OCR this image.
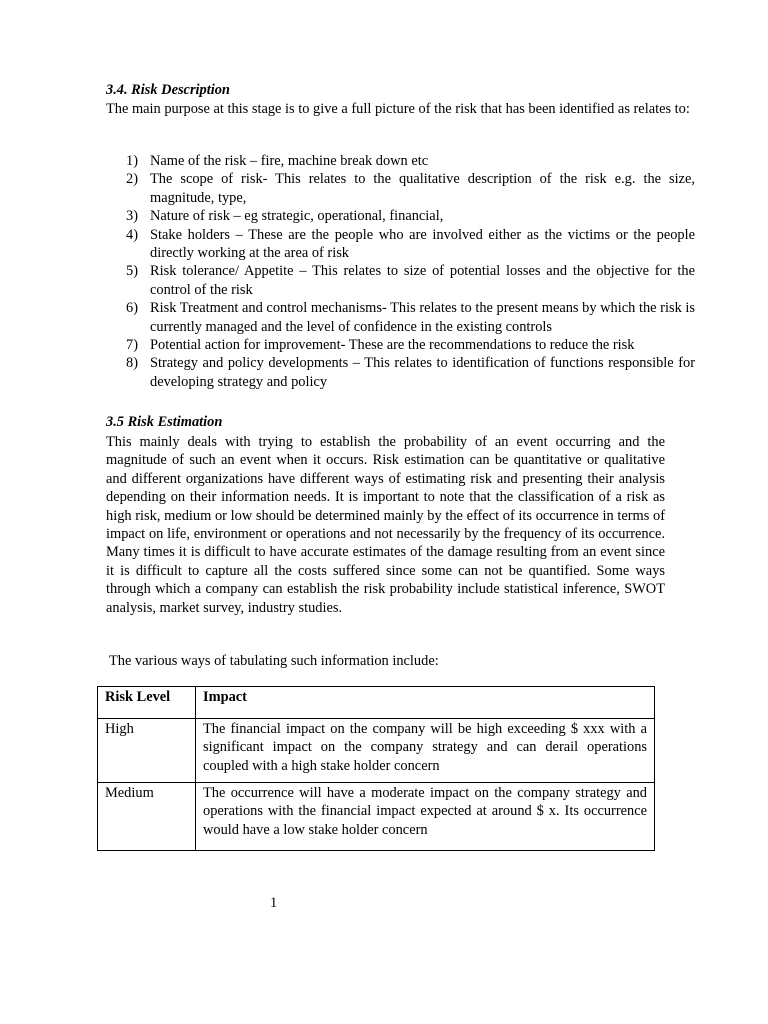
3.4. Risk Description

The main purpose at this stage is to give a full picture of the risk that has been identified as relates to:

1) Name of the risk – fire, machine break down etc
2) The scope of risk- This relates to the qualitative description of the risk e.g. the size, magnitude, type,
3) Nature of risk – eg strategic, operational, financial,
4) Stake holders – These are the people who are involved either as the victims or the people directly working at the area of risk
5) Risk tolerance/ Appetite – This relates to size of potential losses and the objective for the control of the risk
6) Risk Treatment and control mechanisms- This relates to the present means by which the risk is currently managed and the level of confidence in the existing controls
7) Potential action for improvement- These are the recommendations to reduce the risk
8) Strategy and policy developments – This relates to identification of functions responsible for developing strategy and policy
3.5 Risk Estimation

This mainly deals with trying to establish the probability of an event occurring and the magnitude of such an event when it occurs. Risk estimation can be quantitative or qualitative and different organizations have different ways of estimating risk and presenting their analysis depending on their information needs. It is important to note that the classification of a risk as high risk, medium or low should be determined mainly by the effect of its occurrence in terms of impact on life, environment or operations and not necessarily by the frequency of its occurrence. Many times it is difficult to have accurate estimates of the damage resulting from an event since it is difficult to capture all the costs suffered since some can not be quantified. Some ways through which a company can establish the risk probability include statistical inference, SWOT analysis, market survey, industry studies.

The various ways of tabulating such information include:

Risk Level	Impact
High	The financial impact on the company will be high exceeding $ xxx with a significant impact on the company strategy and can derail operations coupled with a high stake holder concern
Medium	The occurrence will have a moderate impact on the company strategy and operations with the financial impact expected at around $ x. Its occurrence would have a low stake holder concern

1
